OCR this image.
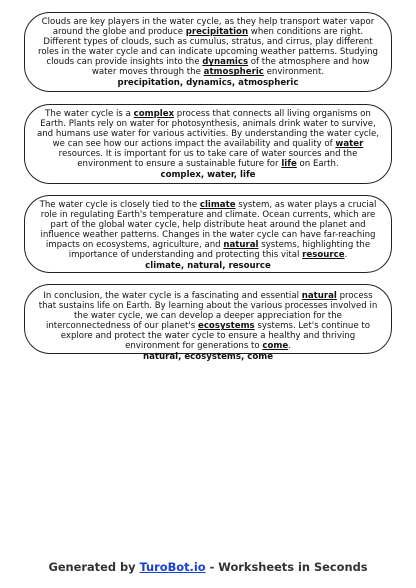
Clouds are key players in the water cycle, as they help transport water vapor around the globe and produce precipitation when conditions are right. Different types of clouds, such as cumulus, stratus, and cirrus, play different roles in the water cycle and can indicate upcoming weather patterns. Studying clouds can provide insights into the dynamics of the atmosphere and how water moves through the atmospheric environment.
precipitation, dynamics, atmospheric
The water cycle is a complex process that connects all living organisms on Earth. Plants rely on water for photosynthesis, animals drink water to survive, and humans use water for various activities. By understanding the water cycle, we can see how our actions impact the availability and quality of water resources. It is important for us to take care of water sources and the environment to ensure a sustainable future for life on Earth.
complex, water, life
The water cycle is closely tied to the climate system, as water plays a crucial role in regulating Earth's temperature and climate. Ocean currents, which are part of the global water cycle, help distribute heat around the planet and influence weather patterns. Changes in the water cycle can have far-reaching impacts on ecosystems, agriculture, and natural systems, highlighting the importance of understanding and protecting this vital resource.
climate, natural, resource
In conclusion, the water cycle is a fascinating and essential natural process that sustains life on Earth. By learning about the various processes involved in the water cycle, we can develop a deeper appreciation for the interconnectedness of our planet's ecosystems systems. Let's continue to explore and protect the water cycle to ensure a healthy and thriving environment for generations to come.
natural, ecosystems, come
Generated by TuroBot.io - Worksheets in Seconds
